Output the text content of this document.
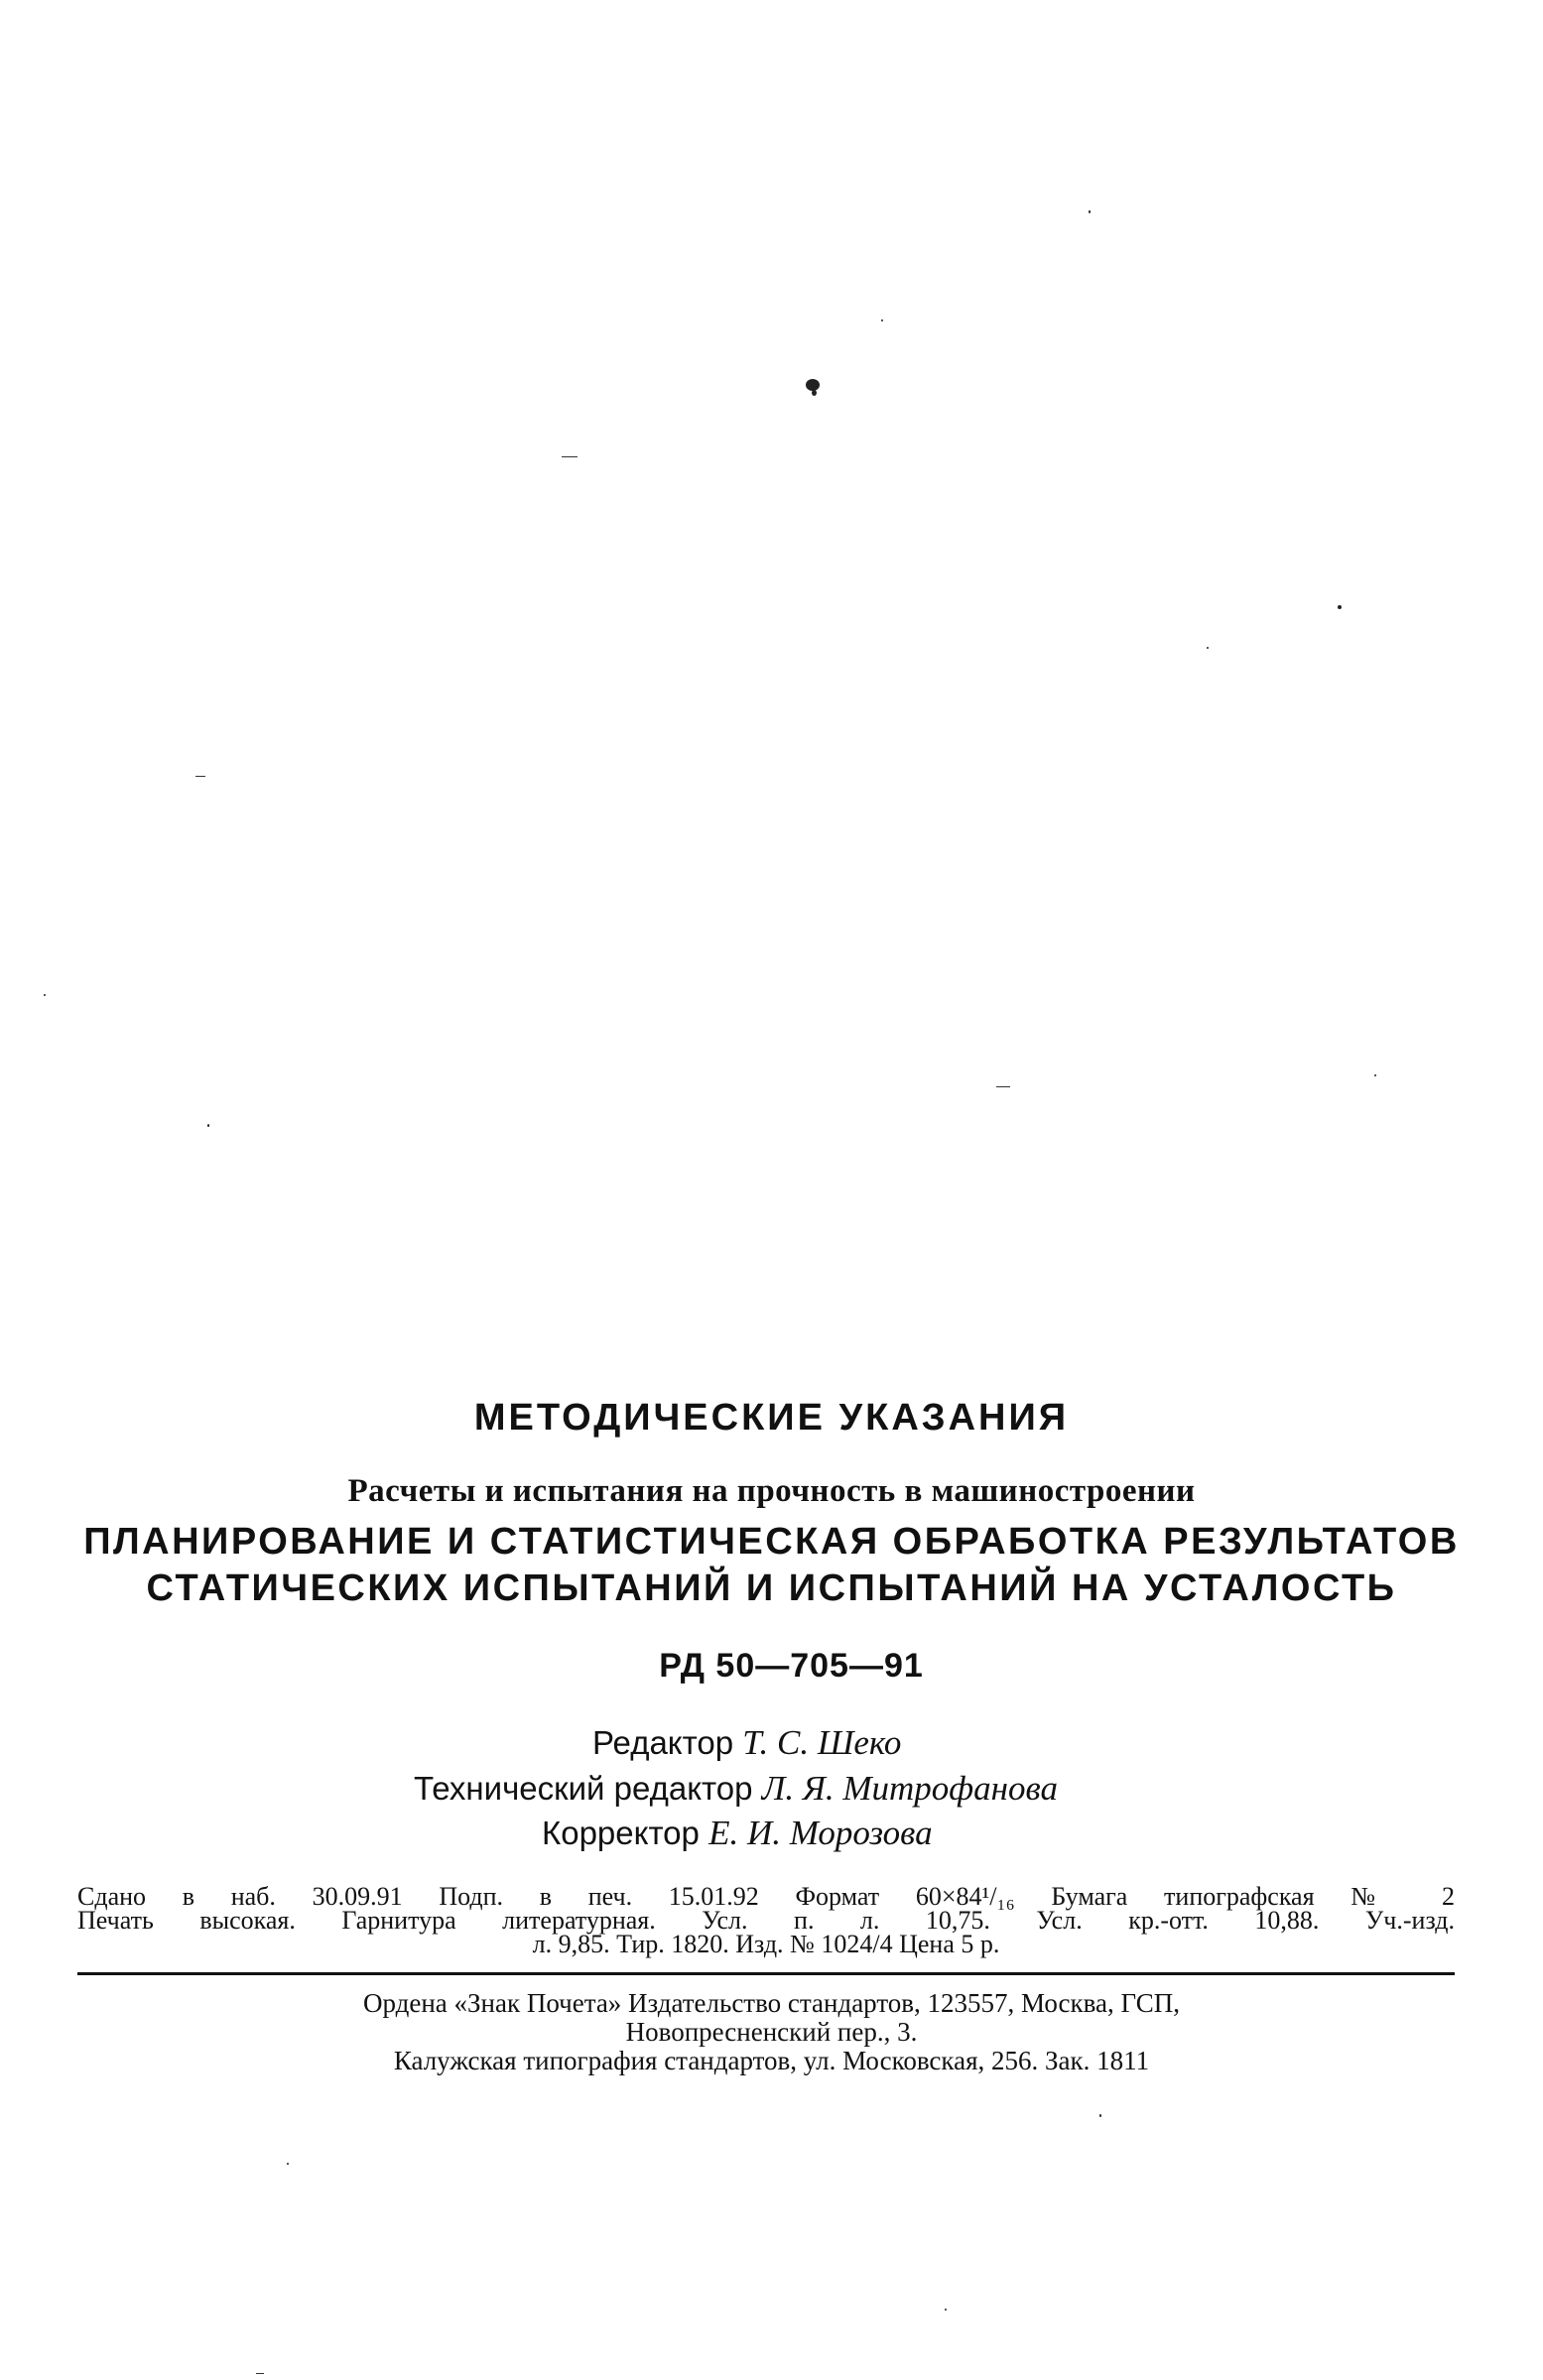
МЕТОДИЧЕСКИЕ УКАЗАНИЯ
Расчеты и испытания на прочность в машиностроении
ПЛАНИРОВАНИЕ И СТАТИСТИЧЕСКАЯ ОБРАБОТКА РЕЗУЛЬТАТОВ
СТАТИЧЕСКИХ ИСПЫТАНИЙ И ИСПЫТАНИЙ НА УСТАЛОСТЬ
РД 50—705—91
Редактор Т. С. Шеко
Технический редактор Л. Я. Митрофанова
Корректор Е. И. Морозова
Сдано в наб. 30.09.91 Подп. в печ. 15.01.92 Формат 60×84¹/₁₆ Бумага типографская № 2
Печать высокая. Гарнитура литературная. Усл. п. л. 10,75. Усл. кр.-отт. 10,88. Уч.-изд.
л. 9,85. Тир. 1820. Изд. № 1024/4 Цена 5 р.
Ордена «Знак Почета» Издательство стандартов, 123557, Москва, ГСП,
Новопресненский пер., 3.
Калужская типография стандартов, ул. Московская, 256. Зак. 1811
